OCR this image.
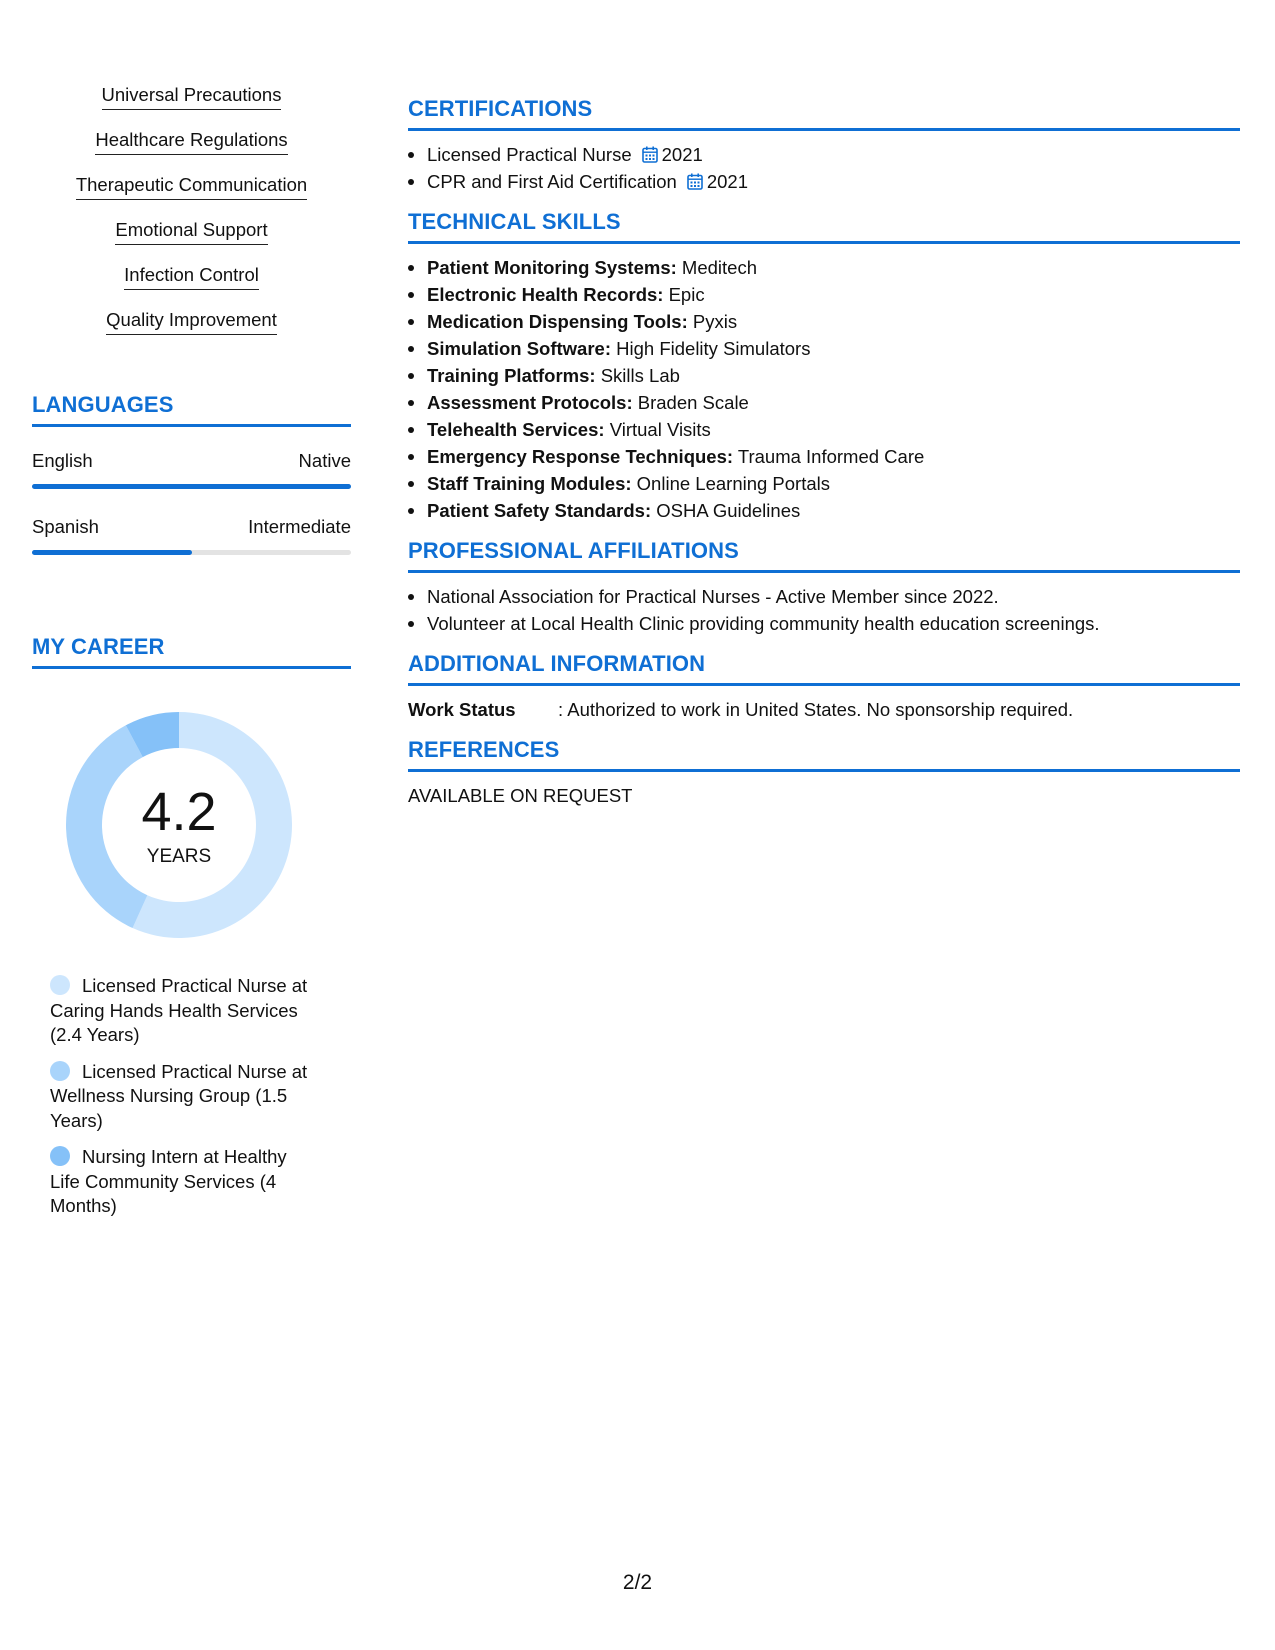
Universal Precautions
Healthcare Regulations
Therapeutic Communication
Emotional Support
Infection Control
Quality Improvement
LANGUAGES
English	Native
Spanish	Intermediate
MY CAREER
4.2
YEARS
Licensed Practical Nurse at Caring Hands Health Services (2.4 Years)
Licensed Practical Nurse at Wellness Nursing Group (1.5 Years)
Nursing Intern at Healthy Life Community Services (4 Months)
CERTIFICATIONS
Licensed Practical Nurse 2021
CPR and First Aid Certification 2021
TECHNICAL SKILLS
Patient Monitoring Systems: Meditech
Electronic Health Records: Epic
Medication Dispensing Tools: Pyxis
Simulation Software: High Fidelity Simulators
Training Platforms: Skills Lab
Assessment Protocols: Braden Scale
Telehealth Services: Virtual Visits
Emergency Response Techniques: Trauma Informed Care
Staff Training Modules: Online Learning Portals
Patient Safety Standards: OSHA Guidelines
PROFESSIONAL AFFILIATIONS
National Association for Practical Nurses - Active Member since 2022.
Volunteer at Local Health Clinic providing community health education screenings.
ADDITIONAL INFORMATION
Work Status	: Authorized to work in United States. No sponsorship required.
REFERENCES
AVAILABLE ON REQUEST
2/2
